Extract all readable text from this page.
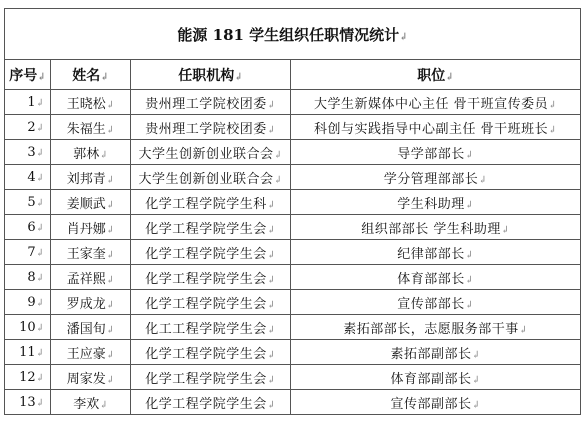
能源 181 学生组织任职情况统计↲			
序号↲	姓名↲	任职机构↲	职位↲
1↲	王晓松↲	贵州理工学院校团委↲	大学生新媒体中心主任 骨干班宣传委员↲
2↲	朱福生↲	贵州理工学院校团委↲	科创与实践指导中心副主任 骨干班班长↲
3↲	郭林↲	大学生创新创业联合会↲	导学部部长↲
4↲	刘邦青↲	大学生创新创业联合会↲	学分管理部部长↲
5↲	姜顺武↲	化学工程学院学生科↲	学生科助理↲
6↲	肖丹娜↲	化学工程学院学生会↲	组织部部长 学生科助理↲
7↲	王家奎↲	化学工程学院学生会↲	纪律部部长↲
8↲	孟祥熙↲	化学工程学院学生会↲	体育部部长↲
9↲	罗成龙↲	化学工程学院学生会↲	宣传部部长↲
10↲	潘国旬↲	化工工程学院学生会↲	素拓部部长，志愿服务部干事↲
11↲	王应豪↲	化学工程学院学生会↲	素拓部副部长↲
12↲	周家发↲	化学工程学院学生会↲	体育部副部长↲
13↲	李欢↲	化学工程学院学生会↲	宣传部副部长↲
